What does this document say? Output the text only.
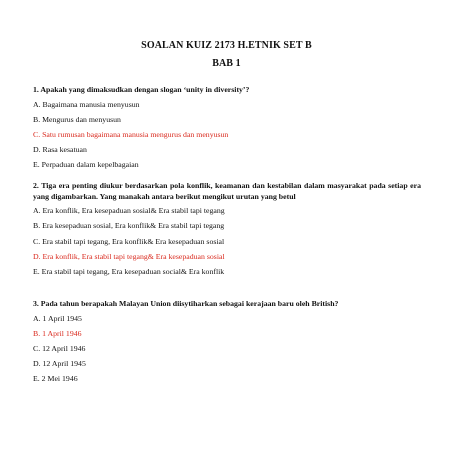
SOALAN KUIZ 2173 H.ETNIK SET B
BAB 1
1. Apakah yang dimaksudkan dengan slogan ‘unity in diversity’?
A. Bagaimana manusia menyusun
B. Mengurus dan menyusun
C. Satu rumusan bagaimana manusia mengurus dan menyusun
D. Rasa kesatuan
E. Perpaduan dalam kepelbagaian
2. Tiga era penting diukur berdasarkan pola konflik, keamanan dan kestabilan dalam masyarakat pada setiap era yang digambarkan. Yang manakah antara berikut mengikut urutan yang betul
A. Era konflik, Era kesepaduan sosial& Era stabil tapi tegang
B. Era kesepaduan sosial, Era konflik& Era stabil tapi tegang
C. Era stabil tapi tegang, Era konflik& Era kesepaduan sosial
D. Era konflik, Era stabil tapi tegang& Era kesepaduan sosial
E. Era stabil tapi tegang, Era kesepaduan social& Era konflik
3. Pada tahun berapakah Malayan Union diisytiharkan sebagai kerajaan baru oleh British?
A. 1 April 1945
B. 1 April 1946
C. 12 April 1946
D. 12 April 1945
E. 2 Mei 1946
